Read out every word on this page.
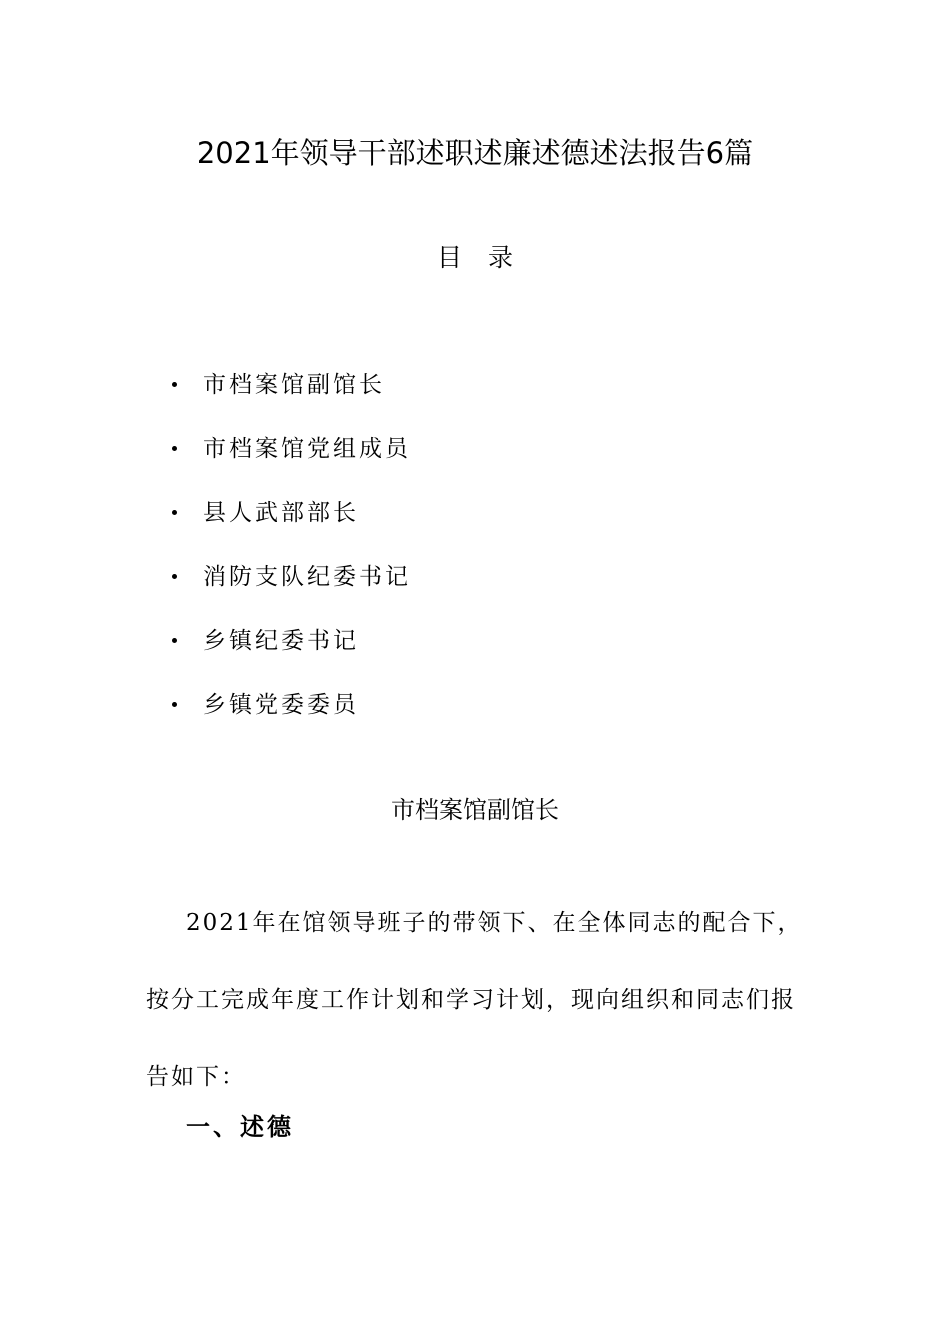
2021年领导干部述职述廉述德述法报告6篇
目录
市档案馆副馆长
市档案馆党组成员
县人武部部长
消防支队纪委书记
乡镇纪委书记
乡镇党委委员
市档案馆副馆长

2021年在馆领导班子的带领下、在全体同志的配合下，按分工完成年度工作计划和学习计划，现向组织和同志们报告如下：

一、述德
